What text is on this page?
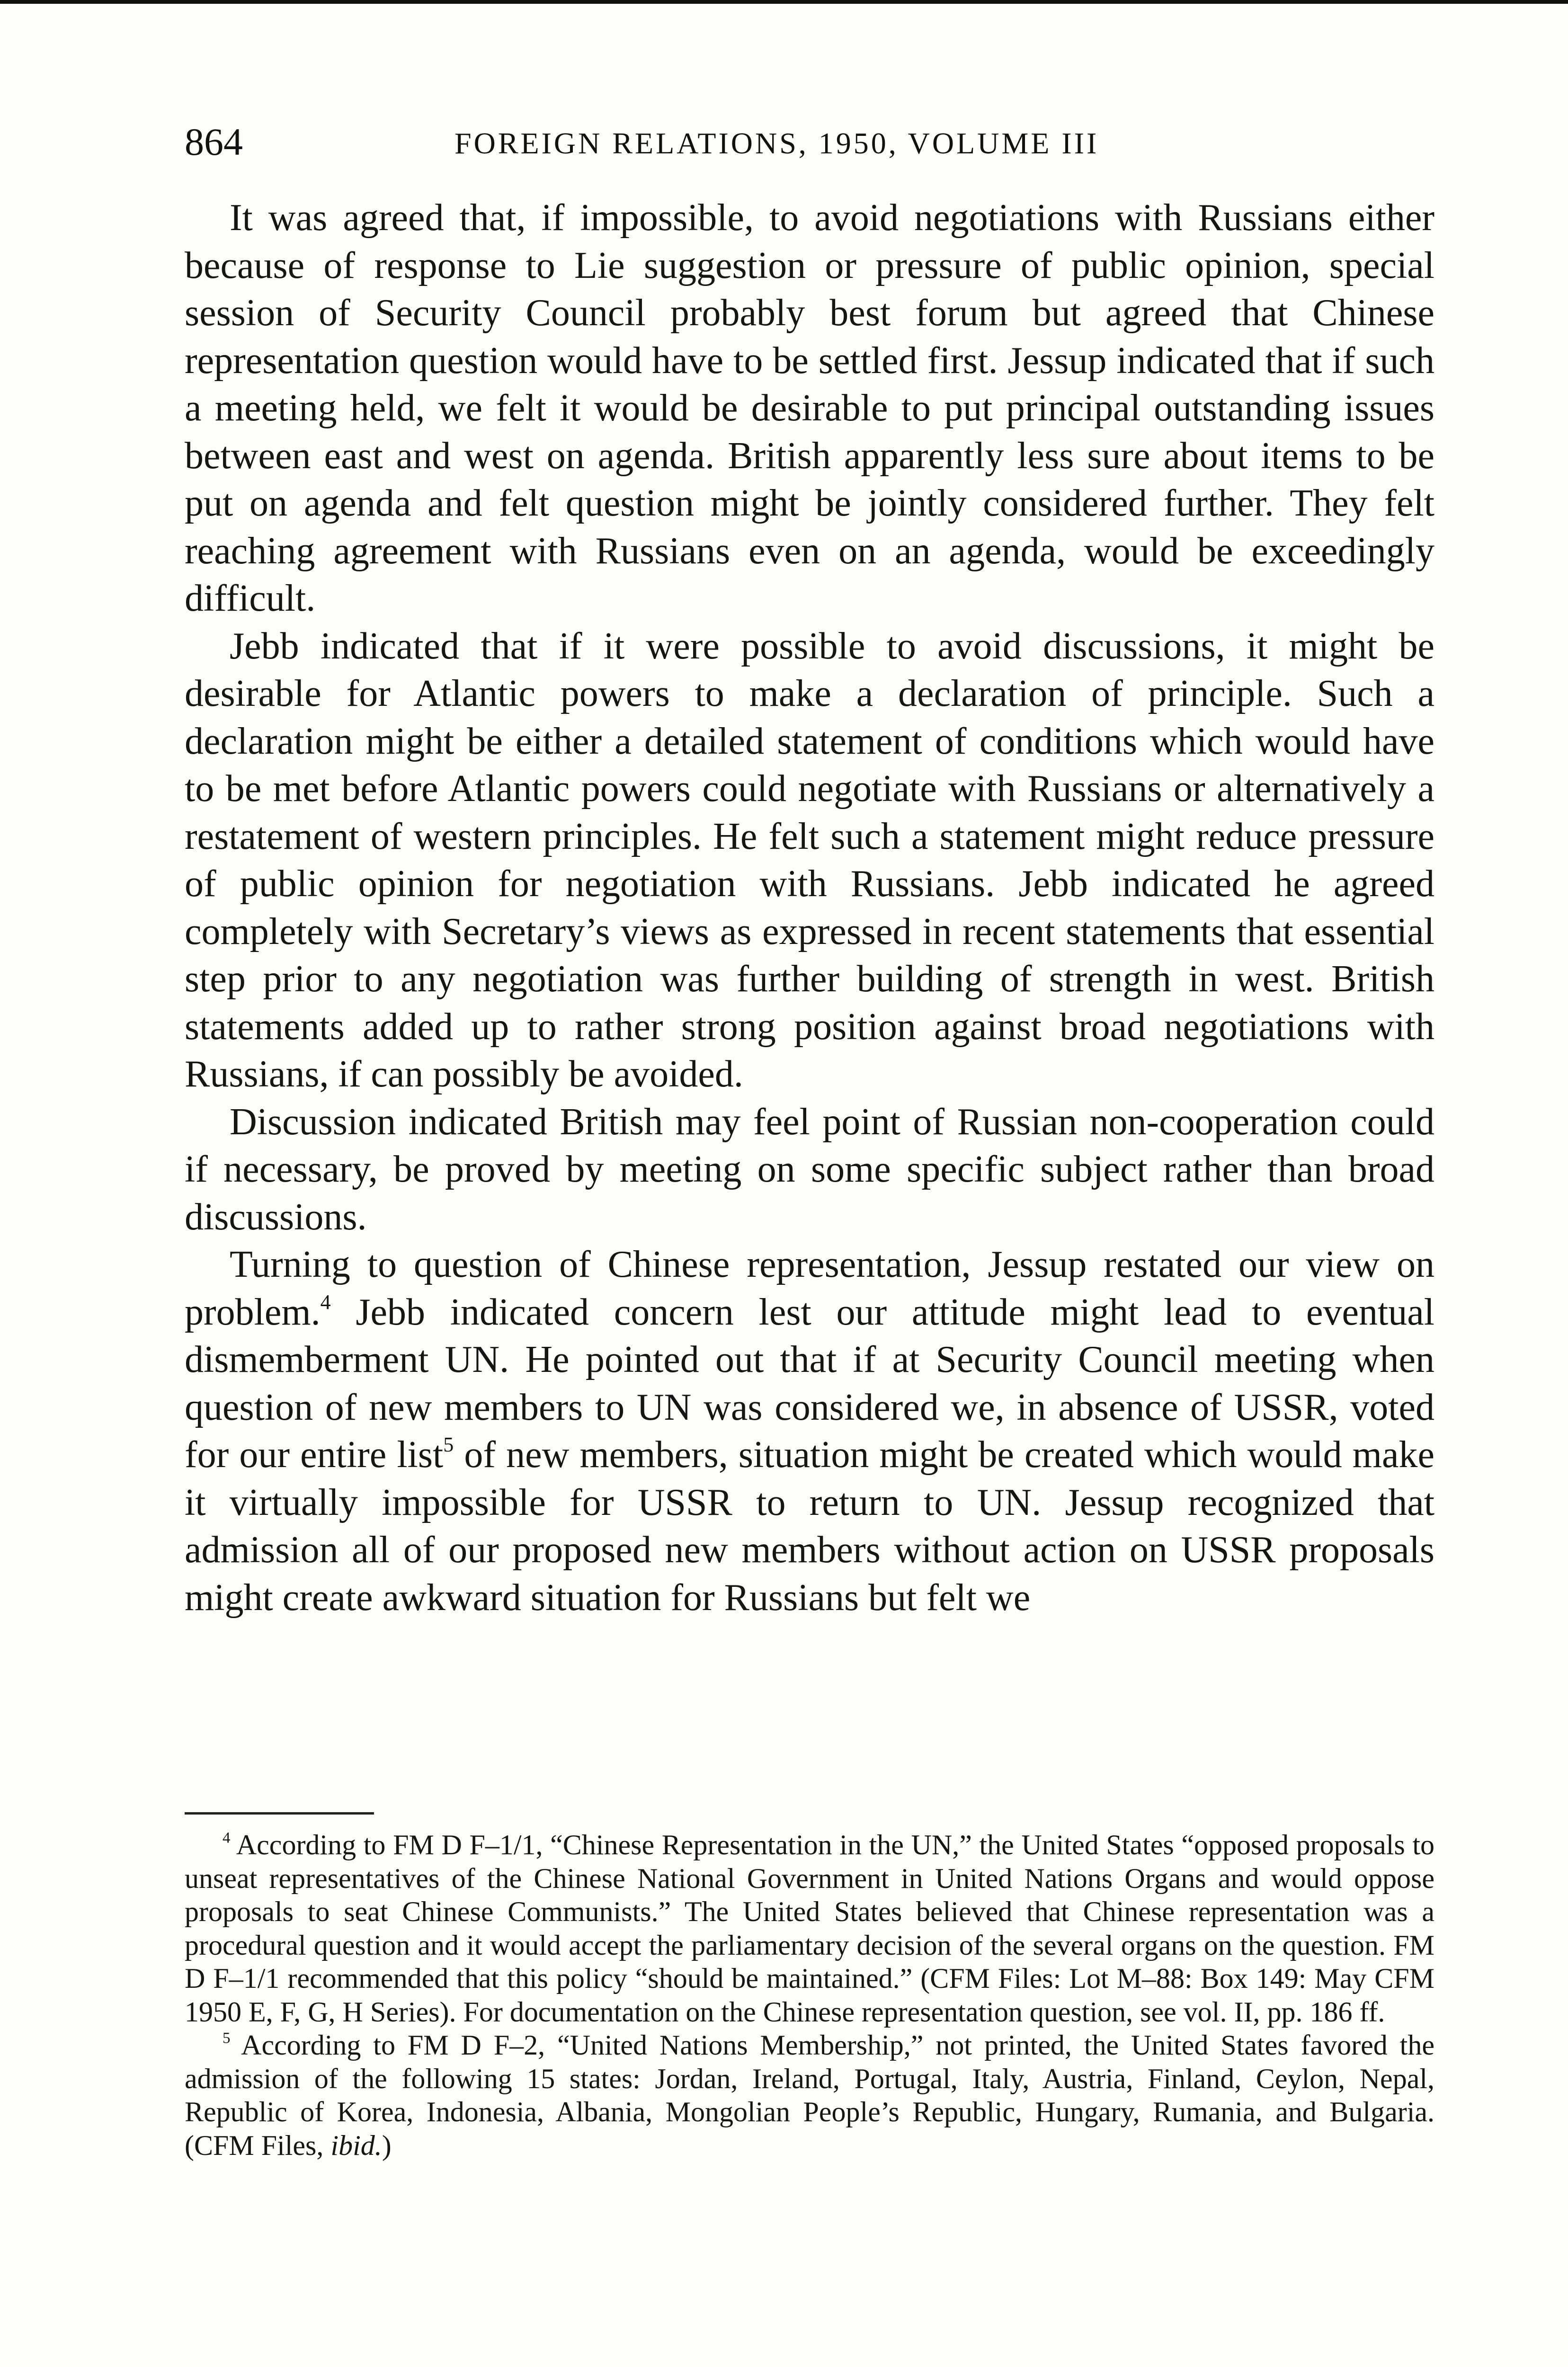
864	FOREIGN RELATIONS, 1950, VOLUME III

It was agreed that, if impossible, to avoid negotiations with Russians either because of response to Lie suggestion or pressure of public opinion, special session of Security Council probably best forum but agreed that Chinese representation question would have to be settled first. Jessup indicated that if such a meeting held, we felt it would be desirable to put principal outstanding issues between east and west on agenda. British apparently less sure about items to be put on agenda and felt question might be jointly considered further. They felt reaching agreement with Russians even on an agenda, would be exceedingly difficult.

Jebb indicated that if it were possible to avoid discussions, it might be desirable for Atlantic powers to make a declaration of principle. Such a declaration might be either a detailed statement of conditions which would have to be met before Atlantic powers could negotiate with Russians or alternatively a restatement of western principles. He felt such a statement might reduce pressure of public opinion for negotiation with Russians. Jebb indicated he agreed completely with Secretary’s views as expressed in recent statements that essential step prior to any negotiation was further building of strength in west. British statements added up to rather strong position against broad negotiations with Russians, if can possibly be avoided.

Discussion indicated British may feel point of Russian non-cooperation could if necessary, be proved by meeting on some specific subject rather than broad discussions.

Turning to question of Chinese representation, Jessup restated our view on problem.$^4$ Jebb indicated concern lest our attitude might lead to eventual dismemberment UN. He pointed out that if at Security Council meeting when question of new members to UN was considered we, in absence of USSR, voted for our entire list$^5$ of new members, situation might be created which would make it virtually impossible for USSR to return to UN. Jessup recognized that admission all of our proposed new members without action on USSR proposals might create awkward situation for Russians but felt we

$^4$ According to FM D F–1/1, “Chinese Representation in the UN,” the United States “opposed proposals to unseat representatives of the Chinese National Government in United Nations Organs and would oppose proposals to seat Chinese Communists.” The United States believed that Chinese representation was a procedural question and it would accept the parliamentary decision of the several organs on the question. FM D F–1/1 recommended that this policy “should be maintained.” (CFM Files: Lot M–88: Box 149: May CFM 1950 E, F, G, H Series). For documentation on the Chinese representation question, see vol. II, pp. 186 ff.

$^5$ According to FM D F–2, “United Nations Membership,” not printed, the United States favored the admission of the following 15 states: Jordan, Ireland, Portugal, Italy, Austria, Finland, Ceylon, Nepal, Republic of Korea, Indonesia, Albania, Mongolian People’s Republic, Hungary, Rumania, and Bulgaria. (CFM Files, ibid.)
